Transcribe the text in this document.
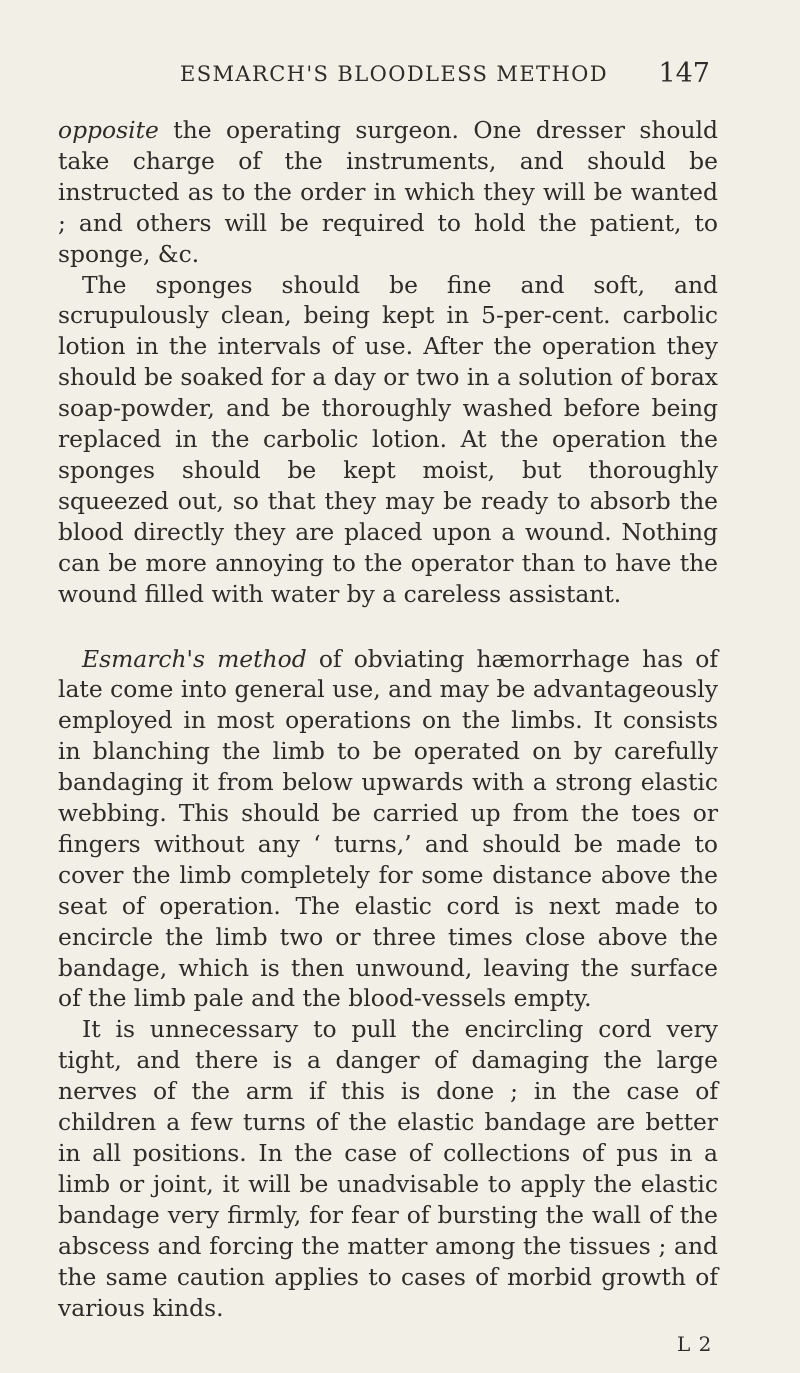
ESMARCH'S BLOODLESS METHOD 147

opposite the operating surgeon. One dresser should take charge of the instruments, and should be instructed as to the order in which they will be wanted ; and others will be required to hold the patient, to sponge, &c.

The sponges should be fine and soft, and scrupulously clean, being kept in 5-per-cent. carbolic lotion in the intervals of use. After the operation they should be soaked for a day or two in a solution of borax soap-powder, and be thoroughly washed before being replaced in the carbolic lotion. At the operation the sponges should be kept moist, but thoroughly squeezed out, so that they may be ready to absorb the blood directly they are placed upon a wound. Nothing can be more annoying to the operator than to have the wound filled with water by a careless assistant.

Esmarch's method of obviating hæmorrhage has of late come into general use, and may be advantageously employed in most operations on the limbs. It consists in blanching the limb to be operated on by carefully bandaging it from below upwards with a strong elastic webbing. This should be carried up from the toes or fingers without any ‘ turns,’ and should be made to cover the limb completely for some distance above the seat of operation. The elastic cord is next made to encircle the limb two or three times close above the bandage, which is then unwound, leaving the surface of the limb pale and the blood-vessels empty.

It is unnecessary to pull the encircling cord very tight, and there is a danger of damaging the large nerves of the arm if this is done ; in the case of children a few turns of the elastic bandage are better in all positions. In the case of collections of pus in a limb or joint, it will be unadvisable to apply the elastic bandage very firmly, for fear of bursting the wall of the abscess and forcing the matter among the tissues ; and the same caution applies to cases of morbid growth of various kinds.

L 2
